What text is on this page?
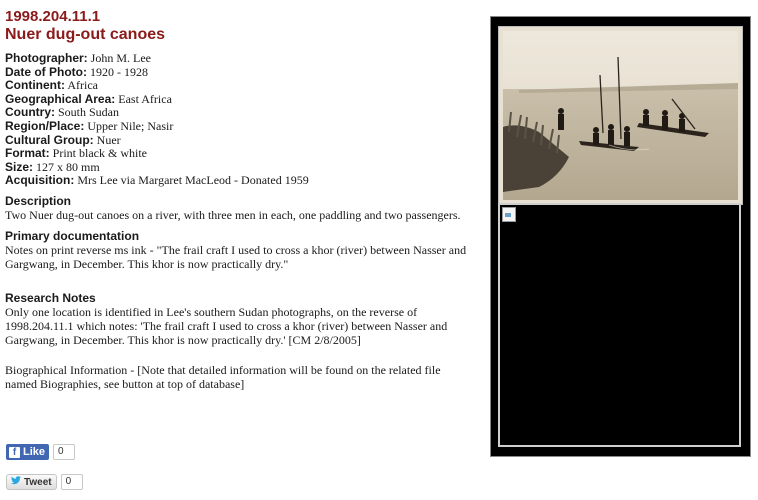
1998.204.11.1
Nuer dug-out canoes
Photographer: John M. Lee
Date of Photo: 1920 - 1928
Continent: Africa
Geographical Area: East Africa
Country: South Sudan
Region/Place: Upper Nile; Nasir
Cultural Group: Nuer
Format: Print black & white
Size: 127 x 80 mm
Acquisition: Mrs Lee via Margaret MacLeod - Donated 1959
Description
Two Nuer dug-out canoes on a river, with three men in each, one paddling and two passengers.
Primary documentation
Notes on print reverse ms ink - "The frail craft I used to cross a khor (river) between Nasser and Gargwang, in December. This khor is now practically dry."
Research Notes
Only one location is identified in Lee's southern Sudan photographs, on the reverse of 1998.204.11.1 which notes: 'The frail craft I used to cross a khor (river) between Nasser and Gargwang, in December. This khor is now practically dry.' [CM 2/8/2005]
Biographical Information - [Note that detailed information will be found on the related file named Biographies, see button at top of database]
f Like	0
Tweet	0
